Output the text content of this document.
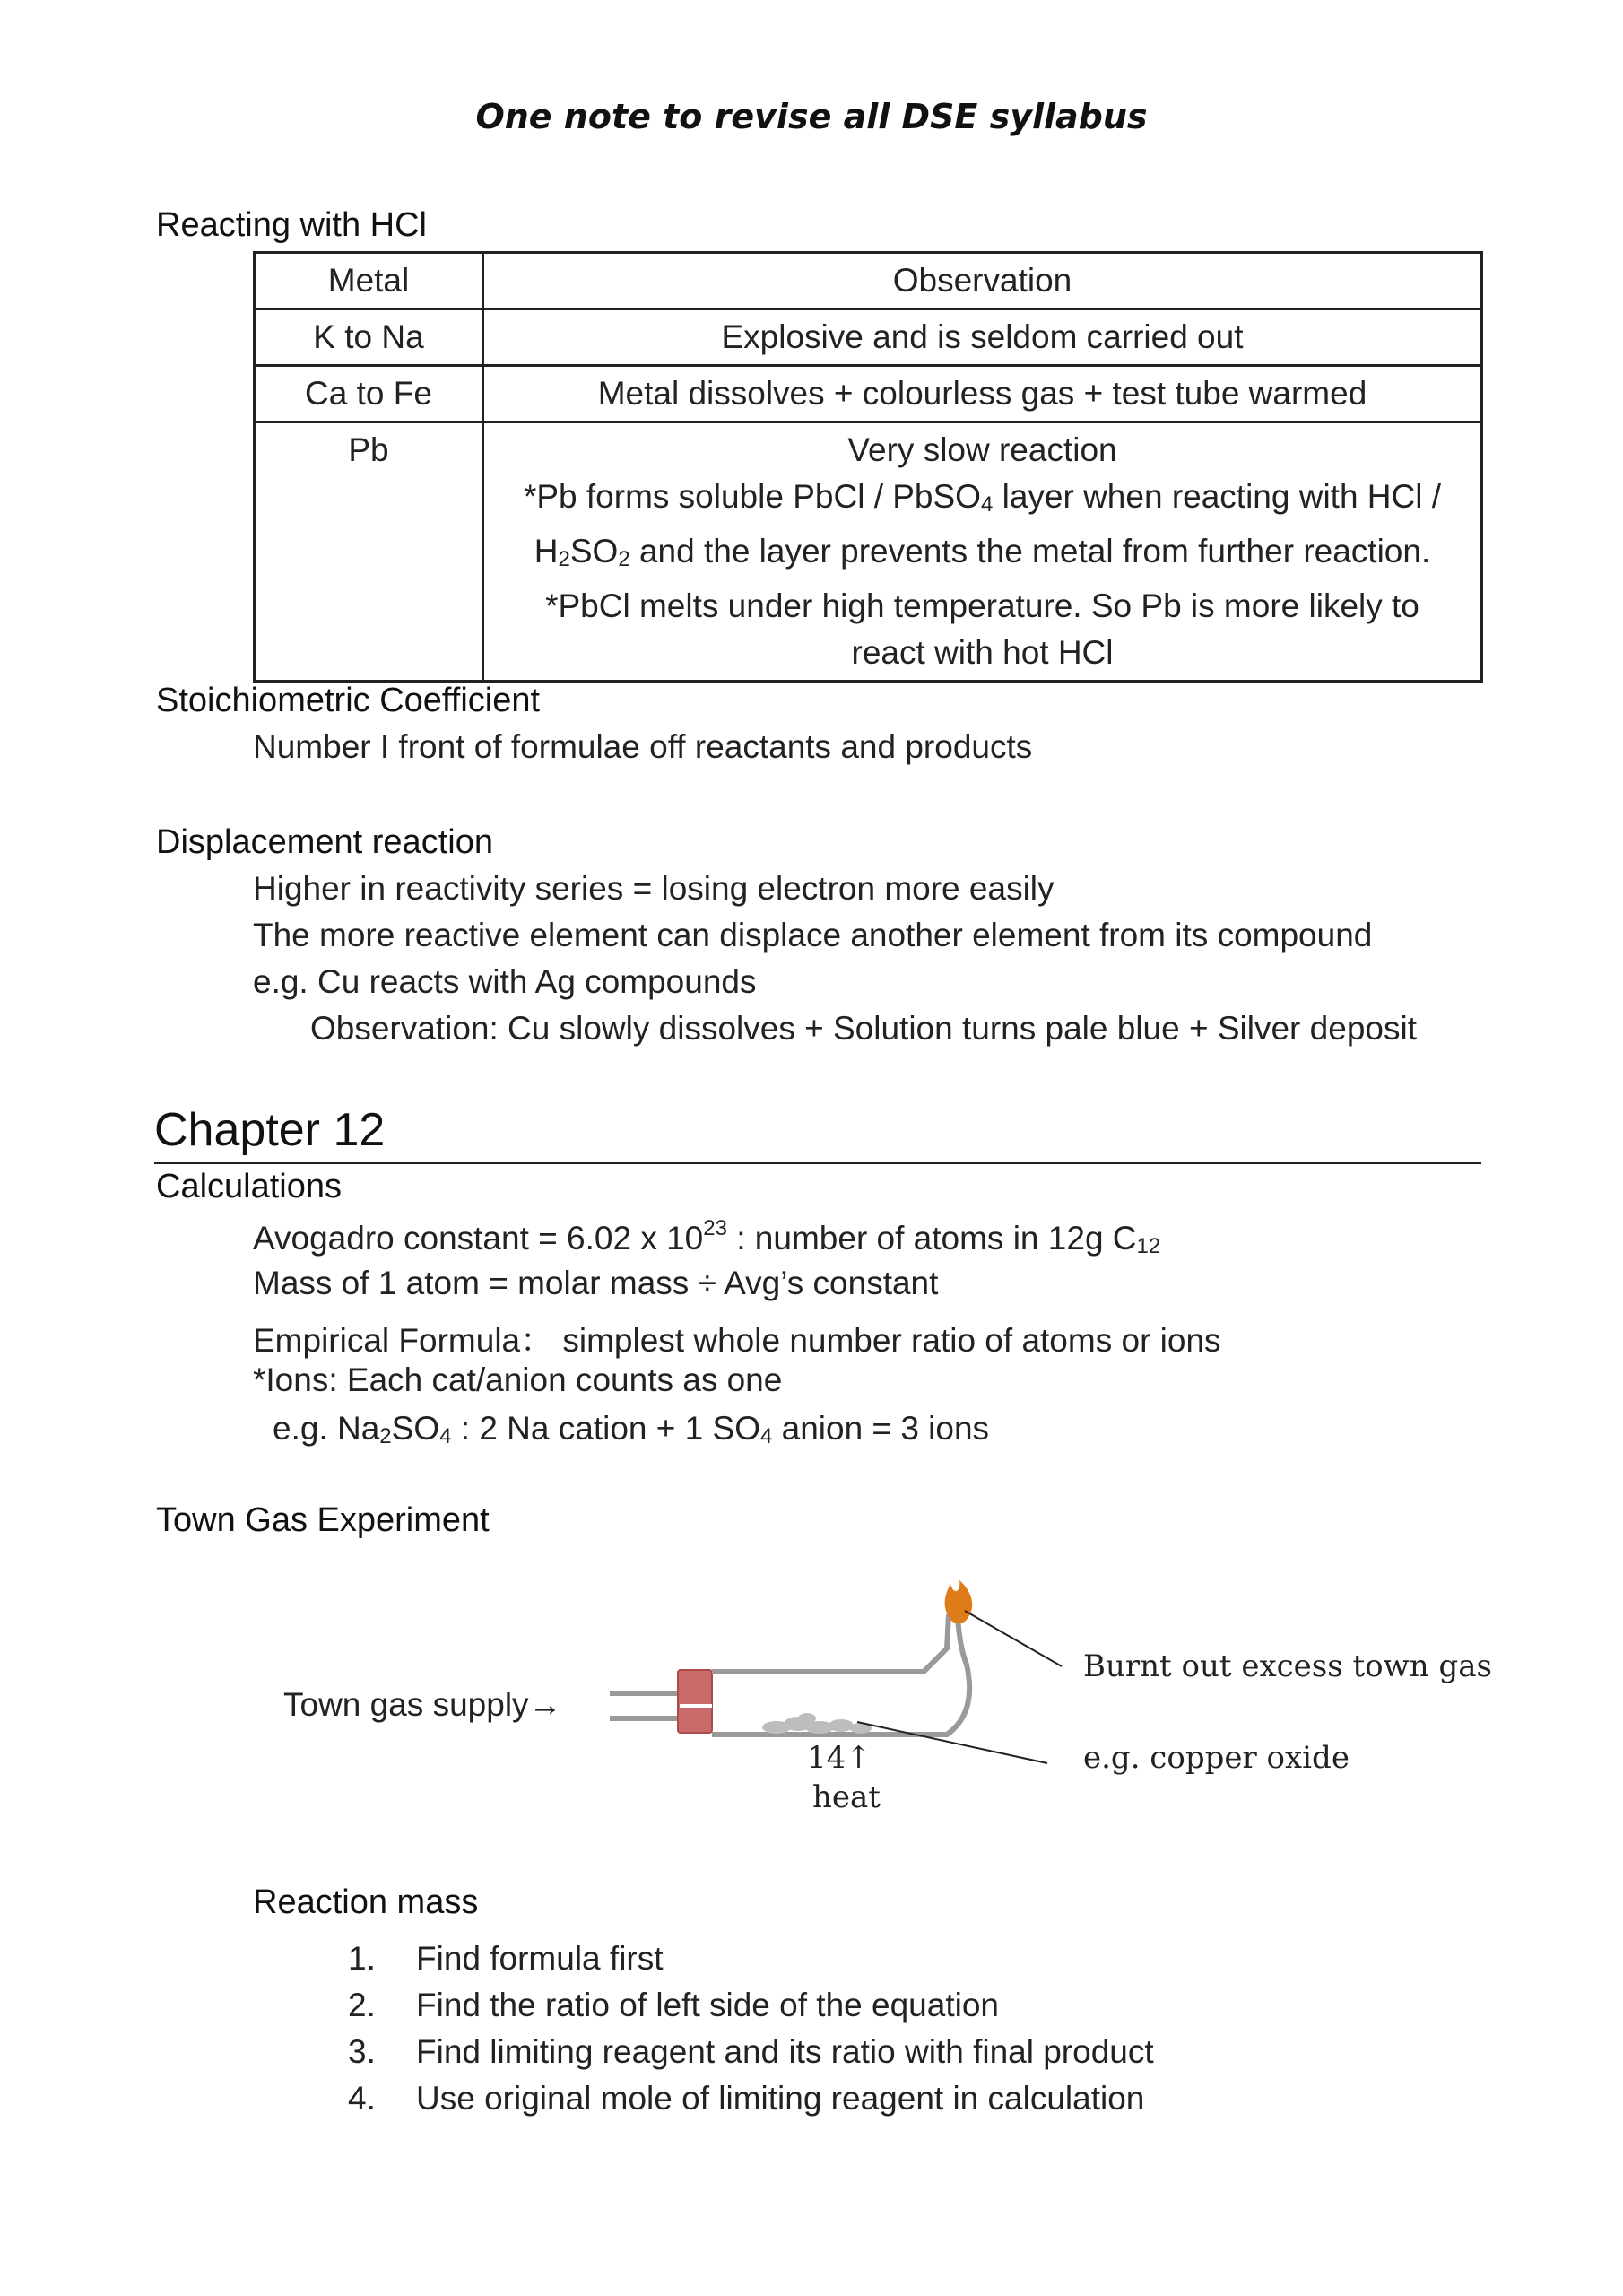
One note to revise all DSE syllabus
Reacting with HCl
Metal	Observation
K to Na	Explosive and is seldom carried out
Ca to Fe	Metal dissolves + colourless gas + test tube warmed
Pb	Very slow reaction
*Pb forms soluble PbCl / PbSO4 layer when reacting with HCl /
H2SO2 and the layer prevents the metal from further reaction.
*PbCl melts under high temperature. So Pb is more likely to
react with hot HCl
Stoichiometric Coefficient
Number I front of formulae off reactants and products
Displacement reaction
Higher in reactivity series = losing electron more easily
The more reactive element can displace another element from its compound
e.g. Cu reacts with Ag compounds
Observation: Cu slowly dissolves + Solution turns pale blue + Silver deposit
Chapter 12
Calculations
Avogadro constant = 6.02 x $10^{23}$ : number of atoms in 12g C12
Mass of 1 atom = molar mass ÷ Avg’s constant
Empirical Formula： simplest whole number ratio of atoms or ions
*Ions: Each cat/anion counts as one
e.g. Na2SO4 : 2 Na cation + 1 SO4 anion = 3 ions
Town Gas Experiment
Town gas supply→
Burnt out excess town gas
e.g. copper oxide
14↑
heat
Reaction mass
1. Find formula first
2. Find the ratio of left side of the equation
3. Find limiting reagent and its ratio with final product
4. Use original mole of limiting reagent in calculation
